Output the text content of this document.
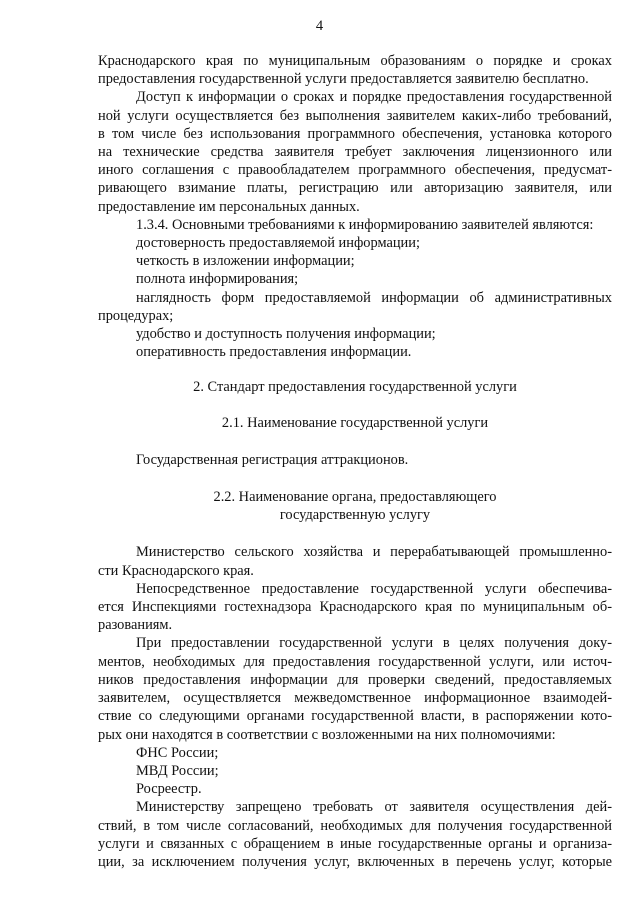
4
Краснодарского края по муниципальным образованиям о порядке и сроках
предоставления государственной услуги предоставляется заявителю бесплатно.
Доступ к информации о сроках и порядке предоставления государственной
ной услуги осуществляется без выполнения заявителем каких-либо требований,
в том числе без использования программного обеспечения, установка которого
на технические средства заявителя требует заключения лицензионного или
иного соглашения с правообладателем программного обеспечения, предусмат-
ривающего взимание платы, регистрацию или авторизацию заявителя, или
предоставление им персональных данных.
1.3.4. Основными требованиями к информированию заявителей являются:
достоверность предоставляемой информации;
четкость в изложении информации;
полнота информирования;
наглядность форм предоставляемой информации об административных
процедурах;
удобство и доступность получения информации;
оперативность предоставления информации.
2. Стандарт предоставления государственной услуги
2.1. Наименование государственной услуги
Государственная регистрация аттракционов.
2.2. Наименование органа, предоставляющего
государственную услугу
Министерство сельского хозяйства и перерабатывающей промышленно-
сти Краснодарского края.
Непосредственное предоставление государственной услуги обеспечива-
ется Инспекциями гостехнадзора Краснодарского края по муниципальным об-
разованиям.
При предоставлении государственной услуги в целях получения доку-
ментов, необходимых для предоставления государственной услуги, или источ-
ников предоставления информации для проверки сведений, предоставляемых
заявителем, осуществляется межведомственное информационное взаимодей-
ствие со следующими органами государственной власти, в распоряжении кото-
рых они находятся в соответствии с возложенными на них полномочиями:
ФНС России;
МВД России;
Росреестр.
Министерству запрещено требовать от заявителя осуществления дей-
ствий, в том числе согласований, необходимых для получения государственной
услуги и связанных с обращением в иные государственные органы и организа-
ции, за исключением получения услуг, включенных в перечень услуг, которые
